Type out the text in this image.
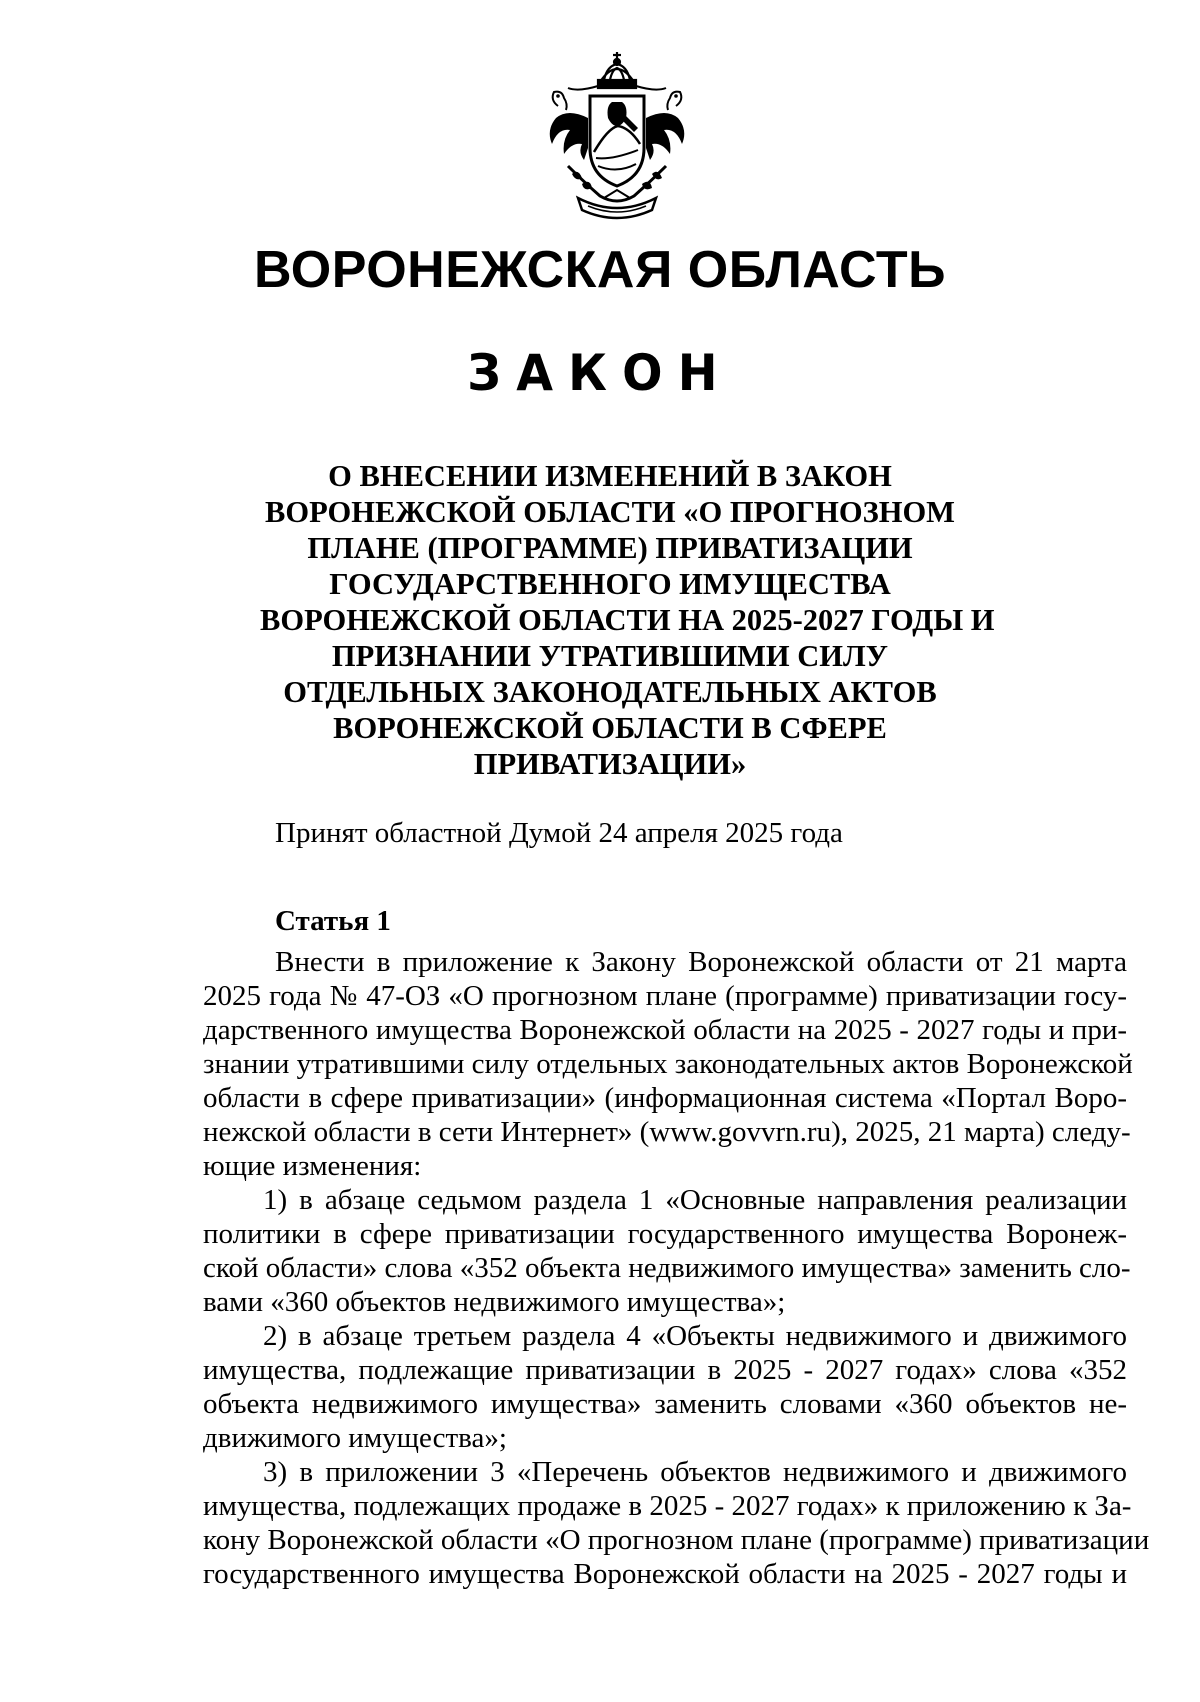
ВОРОНЕЖСКАЯ ОБЛАСТЬ
ЗАКОН
О ВНЕСЕНИИ ИЗМЕНЕНИЙ В ЗАКОН
ВОРОНЕЖСКОЙ ОБЛАСТИ «О ПРОГНОЗНОМ
ПЛАНЕ (ПРОГРАММЕ) ПРИВАТИЗАЦИИ
ГОСУДАРСТВЕННОГО ИМУЩЕСТВА
ВОРОНЕЖСКОЙ ОБЛАСТИ НА 2025-2027 ГОДЫ И
ПРИЗНАНИИ УТРАТИВШИМИ СИЛУ
ОТДЕЛЬНЫХ ЗАКОНОДАТЕЛЬНЫХ АКТОВ
ВОРОНЕЖСКОЙ ОБЛАСТИ В СФЕРЕ
ПРИВАТИЗАЦИИ»
Принят областной Думой 24 апреля 2025 года
Статья 1
Внести в приложение к Закону Воронежской области от 21 марта
2025 года № 47-ОЗ «О прогнозном плане (программе) приватизации госу-
дарственного имущества Воронежской области на 2025 - 2027 годы и при-
знании утратившими силу отдельных законодательных актов Воронежской
области в сфере приватизации» (информационная система «Портал Воро-
нежской области в сети Интернет» (www.govvrn.ru), 2025, 21 марта) следу-
ющие изменения:
1) в абзаце седьмом раздела 1 «Основные направления реализации
политики в сфере приватизации государственного имущества Воронеж-
ской области» слова «352 объекта недвижимого имущества» заменить сло-
вами «360 объектов недвижимого имущества»;
2) в абзаце третьем раздела 4 «Объекты недвижимого и движимого
имущества, подлежащие приватизации в 2025 - 2027 годах» слова «352
объекта недвижимого имущества» заменить словами «360 объектов не-
движимого имущества»;
3) в приложении 3 «Перечень объектов недвижимого и движимого
имущества, подлежащих продаже в 2025 - 2027 годах» к приложению к За-
кону Воронежской области «О прогнозном плане (программе) приватизации
государственного имущества Воронежской области на 2025 - 2027 годы и
